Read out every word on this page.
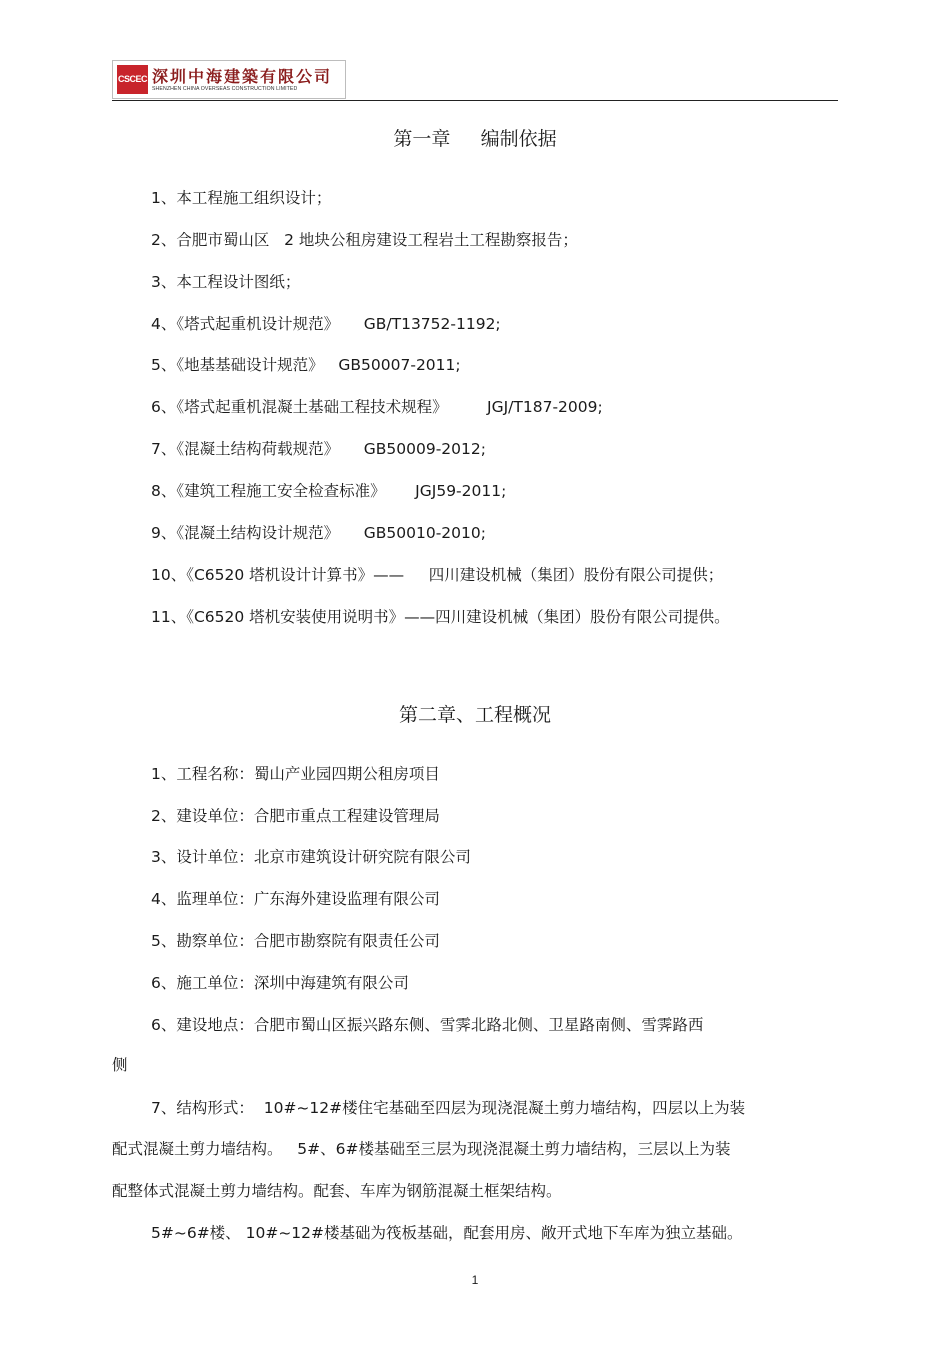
CSCEC 深圳中海建築有限公司
SHENZHEN CHINA OVERSEAS CONSTRUCTION LIMITED
第一章     编制依据
1、本工程施工组织设计；
2、合肥市蜀山区   2 地块公租房建设工程岩土工程勘察报告；
3、本工程设计图纸；
4、《塔式起重机设计规范》     GB/T13752-1192;
5、《地基基础设计规范》   GB50007-2011;
6、《塔式起重机混凝土基础工程技术规程》        JGJ/T187-2009;
7、《混凝土结构荷载规范》     GB50009-2012;
8、《建筑工程施工安全检查标准》      JGJ59-2011;
9、《混凝土结构设计规范》     GB50010-2010;
10、《C6520 塔机设计计算书》——     四川建设机械（集团）股份有限公司提供；
11、《C6520 塔机安装使用说明书》——四川建设机械（集团）股份有限公司提供。
第二章、工程概况
1、工程名称：蜀山产业园四期公租房项目
2、建设单位：合肥市重点工程建设管理局
3、设计单位：北京市建筑设计研究院有限公司
4、监理单位：广东海外建设监理有限公司
5、勘察单位：合肥市勘察院有限责任公司
6、施工单位：深圳中海建筑有限公司
6、建设地点：合肥市蜀山区振兴路东侧、雪霁北路北侧、卫星路南侧、雪霁路西
侧
7、结构形式：  10#~12#楼住宅基础至四层为现浇混凝土剪力墙结构，四层以上为装
配式混凝土剪力墙结构。   5#、6#楼基础至三层为现浇混凝土剪力墙结构，三层以上为装
配整体式混凝土剪力墙结构。配套、车库为钢筋混凝土框架结构。
5#~6#楼、 10#~12#楼基础为筏板基础，配套用房、敞开式地下车库为独立基础。
1
